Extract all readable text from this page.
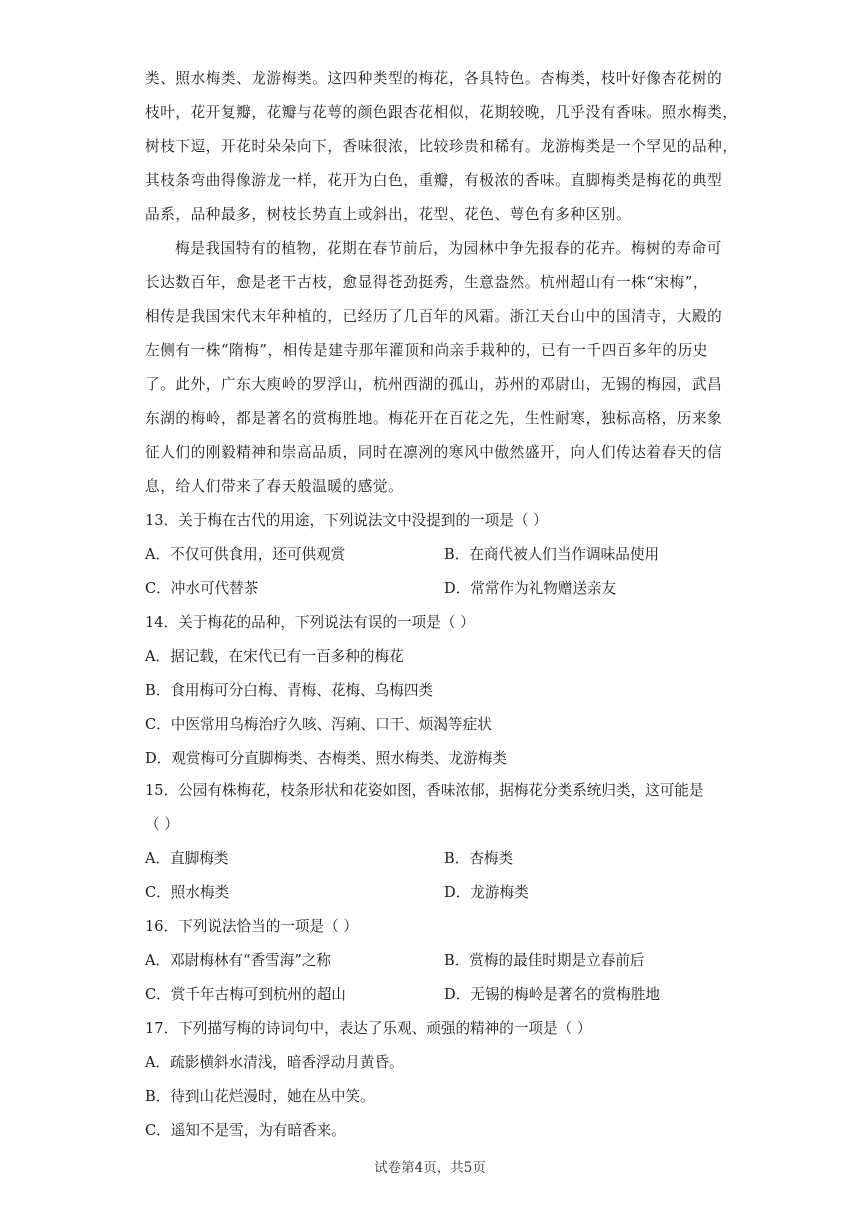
类、照水梅类、龙游梅类。这四种类型的梅花，各具特色。杏梅类，枝叶好像杏花树的
枝叶，花开复瓣，花瓣与花萼的颜色跟杏花相似，花期较晚，几乎没有香味。照水梅类，
树枝下逗，开花时朵朵向下，香味很浓，比较珍贵和稀有。龙游梅类是一个罕见的品种，
其枝条弯曲得像游龙一样，花开为白色，重瓣，有极浓的香味。直脚梅类是梅花的典型
品系，品种最多，树枝长势直上或斜出，花型、花色、萼色有多种区别。
梅是我国特有的植物，花期在春节前后，为园林中争先报春的花卉。梅树的寿命可
长达数百年，愈是老干古枝，愈显得苍劲挺秀，生意盎然。杭州超山有一株“宋梅”，
相传是我国宋代末年种植的，已经历了几百年的风霜。浙江天台山中的国清寺，大殿的
左侧有一株“隋梅”，相传是建寺那年灌顶和尚亲手栽种的，已有一千四百多年的历史
了。此外，广东大庾岭的罗浮山，杭州西湖的孤山，苏州的邓尉山，无锡的梅园，武昌
东湖的梅岭，都是著名的赏梅胜地。梅花开在百花之先，生性耐寒，独标高格，历来象
征人们的刚毅精神和崇高品质，同时在凛冽的寒风中傲然盛开，向人们传达着春天的信
息，给人们带来了春天般温暖的感觉。
13．关于梅在古代的用途，下列说法文中没提到的一项是（ ）
A．不仅可供食用，还可供观赏	B．在商代被人们当作调味品使用
C．冲水可代替茶	D．常常作为礼物赠送亲友
14．关于梅花的品种，下列说法有误的一项是（ ）
A．据记载，在宋代已有一百多种的梅花
B．食用梅可分白梅、青梅、花梅、乌梅四类
C．中医常用乌梅治疗久咳、泻痢、口干、烦渴等症状
D．观赏梅可分直脚梅类、杏梅类、照水梅类、龙游梅类
15．公园有株梅花，枝条形状和花姿如图，香味浓郁，据梅花分类系统归类，这可能是
（ ）
A．直脚梅类	B．杏梅类
C．照水梅类	D．龙游梅类
16．下列说法恰当的一项是（ ）
A．邓尉梅林有“香雪海”之称	B．赏梅的最佳时期是立春前后
C．赏千年古梅可到杭州的超山	D．无锡的梅岭是著名的赏梅胜地
17．下列描写梅的诗词句中，表达了乐观、顽强的精神的一项是（ ）
A．疏影横斜水清浅，暗香浮动月黄昏。
B．待到山花烂漫时，她在丛中笑。
C．遥知不是雪，为有暗香来。
试卷第4页，共5页
